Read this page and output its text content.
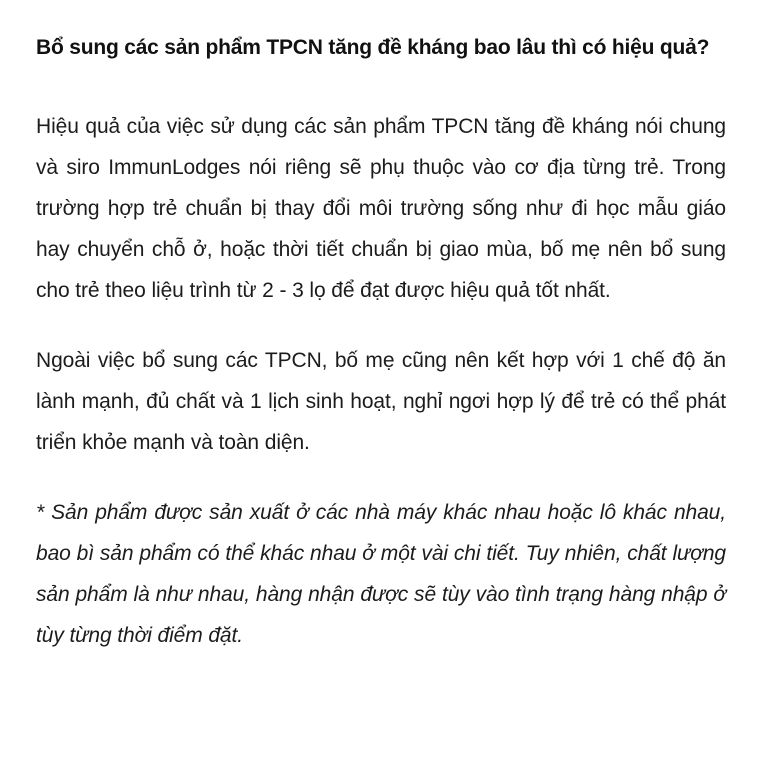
Bổ sung các sản phẩm TPCN tăng đề kháng bao lâu thì có hiệu quả?

Hiệu quả của việc sử dụng các sản phẩm TPCN tăng đề kháng nói chung và siro ImmunLodges nói riêng sẽ phụ thuộc vào cơ địa từng trẻ. Trong trường hợp trẻ chuẩn bị thay đổi môi trường sống như đi học mẫu giáo hay chuyển chỗ ở, hoặc thời tiết chuẩn bị giao mùa, bố mẹ nên bổ sung cho trẻ theo liệu trình từ 2 - 3 lọ để đạt được hiệu quả tốt nhất.

Ngoài việc bổ sung các TPCN, bố mẹ cũng nên kết hợp với 1 chế độ ăn lành mạnh, đủ chất và 1 lịch sinh hoạt, nghỉ ngơi hợp lý để trẻ có thể phát triển khỏe mạnh và toàn diện.

* Sản phẩm được sản xuất ở các nhà máy khác nhau hoặc lô khác nhau, bao bì sản phẩm có thể khác nhau ở một vài chi tiết. Tuy nhiên, chất lượng sản phẩm là như nhau, hàng nhận được sẽ tùy vào tình trạng hàng nhập ở tùy từng thời điểm đặt.
